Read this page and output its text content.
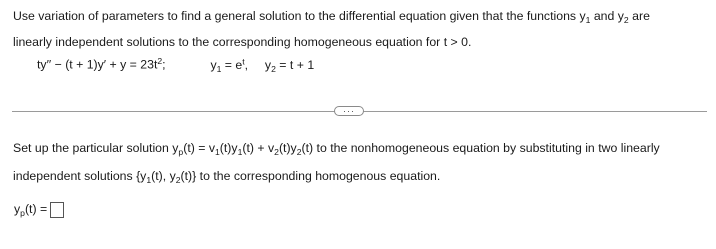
Use variation of parameters to find a general solution to the differential equation given that the functions $y_1$ and $y_2$ are
linearly independent solutions to the corresponding homogeneous equation for t > 0.

$ty'' - (t + 1)y' + y = 23t^2$;	$y_1 = e^t$, $y_2 = t + 1$
···

Set up the particular solution $y_p(t) = v_1(t)y_1(t) + v_2(t)y_2(t)$ to the nonhomogeneous equation by substituting in two linearly
independent solutions {$y_1(t)$, $y_2(t)$} to the corresponding homogenous equation.

$y_p(t)$ =
